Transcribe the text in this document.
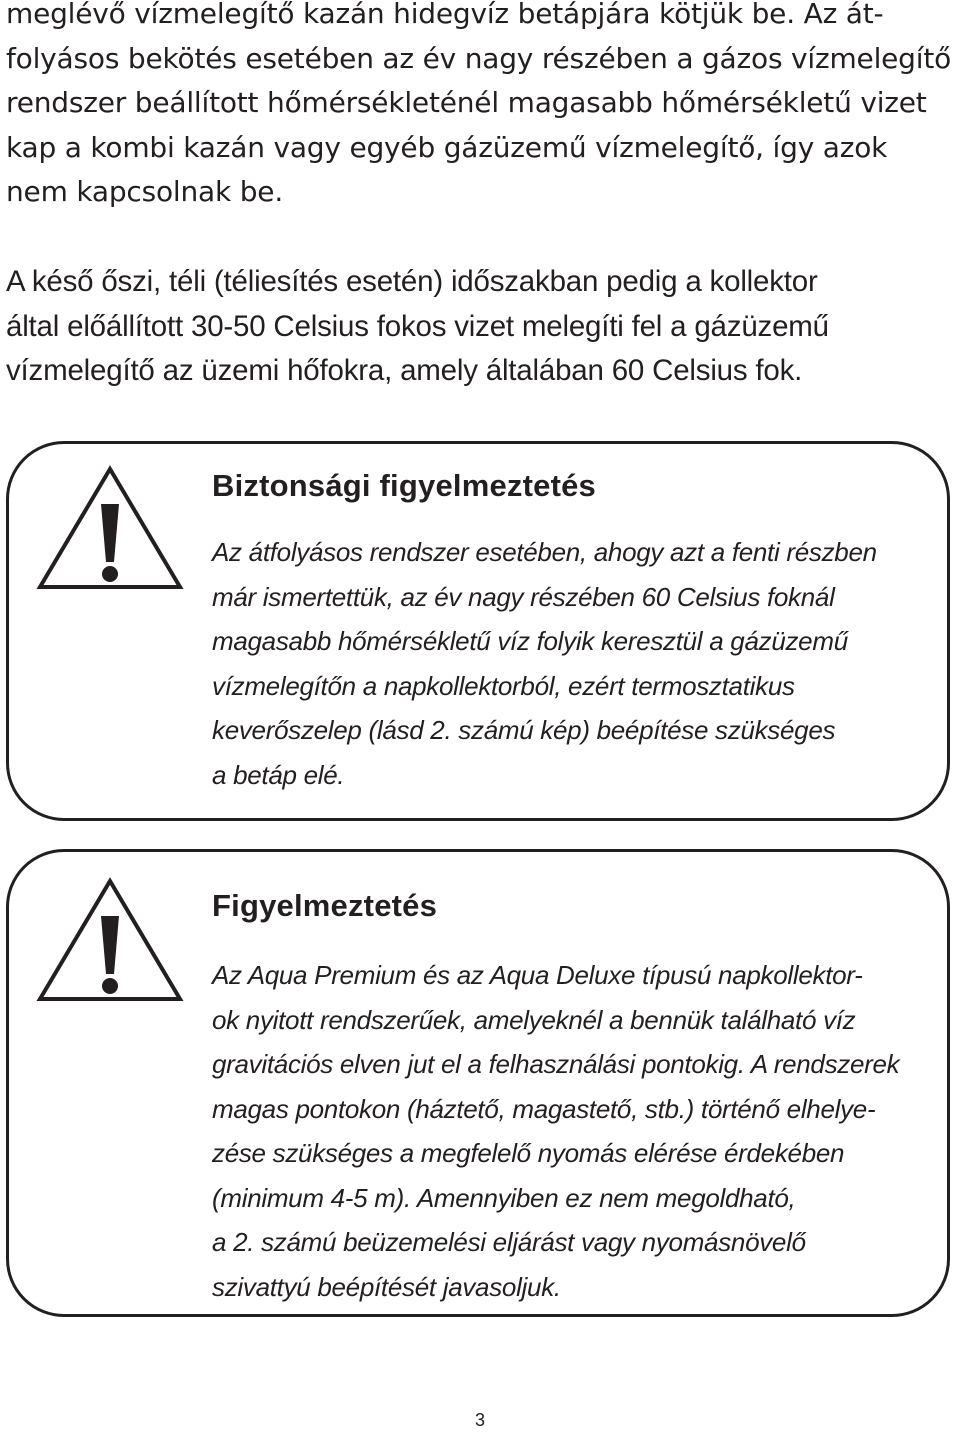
meglévő vízmelegítő kazán hidegvíz betápjára kötjük be. Az át-
folyásos bekötés esetében az év nagy részében a gázos vízmelegítő
rendszer beállított hőmérsékleténél magasabb hőmérsékletű vizet
kap a kombi kazán vagy egyéb gázüzemű vízmelegítő, így azok
nem kapcsolnak be.

A késő őszi, téli (téliesítés esetén) időszakban pedig a kollektor
által előállított 30-50 Celsius fokos vizet melegíti fel a gázüzemű
vízmelegítő az üzemi hőfokra, amely általában 60 Celsius fok.

Biztonsági figyelmeztetés

Az átfolyásos rendszer esetében, ahogy azt a fenti részben
már ismertettük, az év nagy részében 60 Celsius foknál
magasabb hőmérsékletű víz folyik keresztül a gázüzemű
vízmelegítőn a napkollektorból, ezért termosztatikus
keverőszelep (lásd 2. számú kép) beépítése szükséges
a betáp elé.

Figyelmeztetés

Az Aqua Premium és az Aqua Deluxe típusú napkollektor-
ok nyitott rendszerűek, amelyeknél a bennük található víz
gravitációs elven jut el a felhasználási pontokig. A rendszerek
magas pontokon (háztető, magastető, stb.) történő elhelye-
zése szükséges a megfelelő nyomás elérése érdekében
(minimum 4-5 m). Amennyiben ez nem megoldható,
a 2. számú beüzemelési eljárást vagy nyomásnövelő
szivattyú beépítését javasoljuk.

3
